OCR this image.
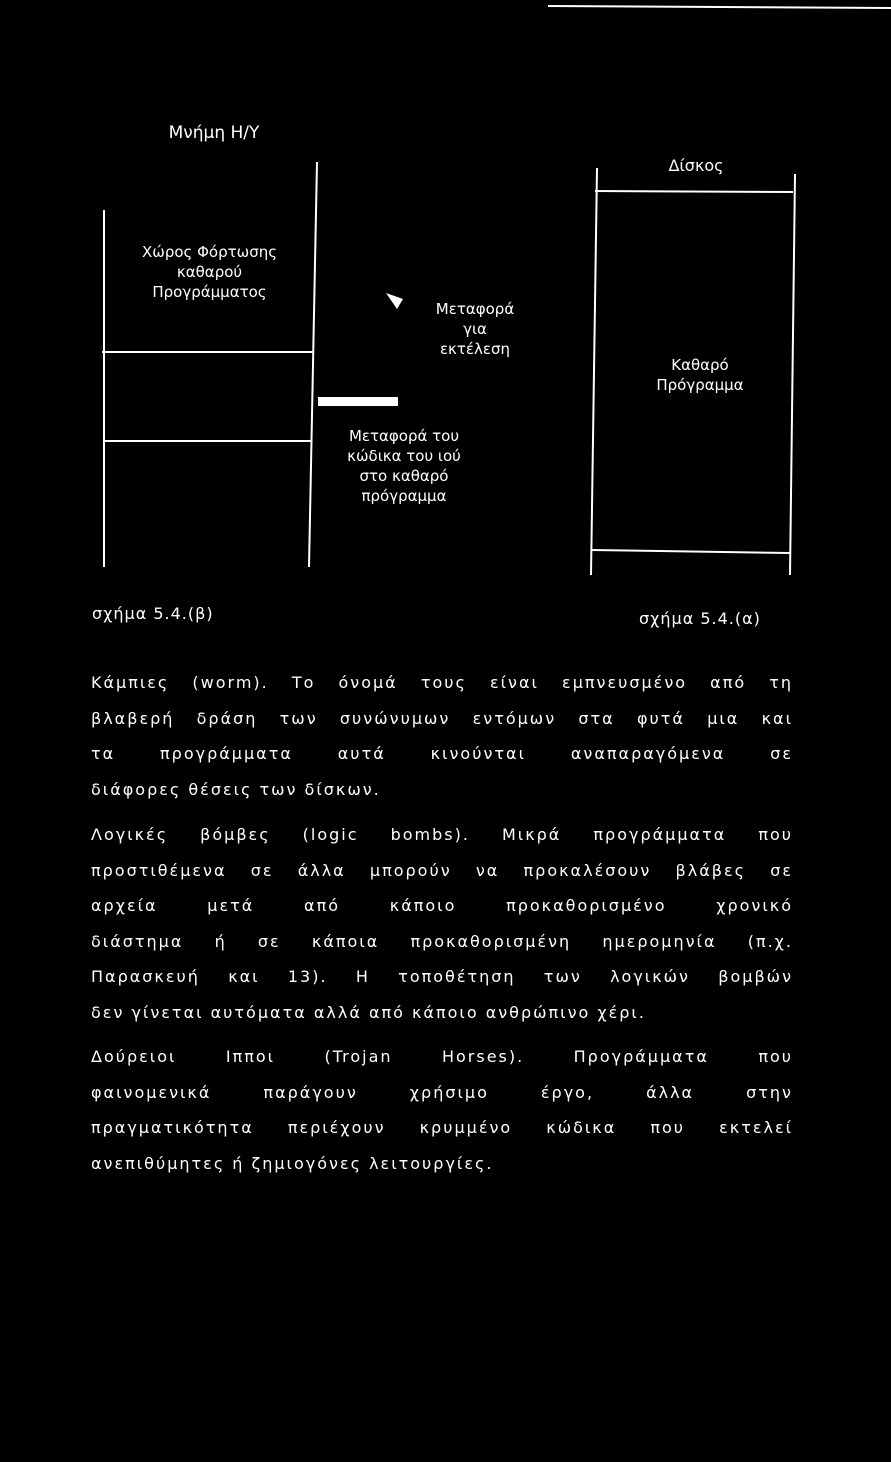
Μνήμη Η/Υ
Χώρος Φόρτωσης
καθαρού
Προγράμματος
Μεταφορά
για
εκτέλεση
Μεταφορά του
κώδικα του ιού
στο καθαρό
πρόγραμμα
Δίσκος
Καθαρό
Πρόγραμμα
σχήμα 5.4.(β)	σχήμα 5.4.(α)
Κάμπιες (worm). Το όνομά τους είναι εμπνευσμένο από τη
βλαβερή δράση των συνώνυμων εντόμων στα φυτά μια και
τα προγράμματα αυτά κινούνται αναπαραγόμενα σε
διάφορες θέσεις των δίσκων.
Λογικές βόμβες (logic bombs). Μικρά προγράμματα που
προστιθέμενα σε άλλα μπορούν να προκαλέσουν βλάβες σε
αρχεία μετά από κάποιο προκαθορισμένο χρονικό
διάστημα ή σε κάποια προκαθορισμένη ημερομηνία (π.χ.
Παρασκευή και 13). Η τοποθέτηση των λογικών βομβών
δεν γίνεται αυτόματα αλλά από κάποιο ανθρώπινο χέρι.
Δούρειοι Ιπποι (Trojan Horses). Προγράμματα που
φαινομενικά παράγουν χρήσιμο έργο, άλλα στην
πραγματικότητα περιέχουν κρυμμένο κώδικα που εκτελεί
ανεπιθύμητες ή ζημιογόνες λειτουργίες.
